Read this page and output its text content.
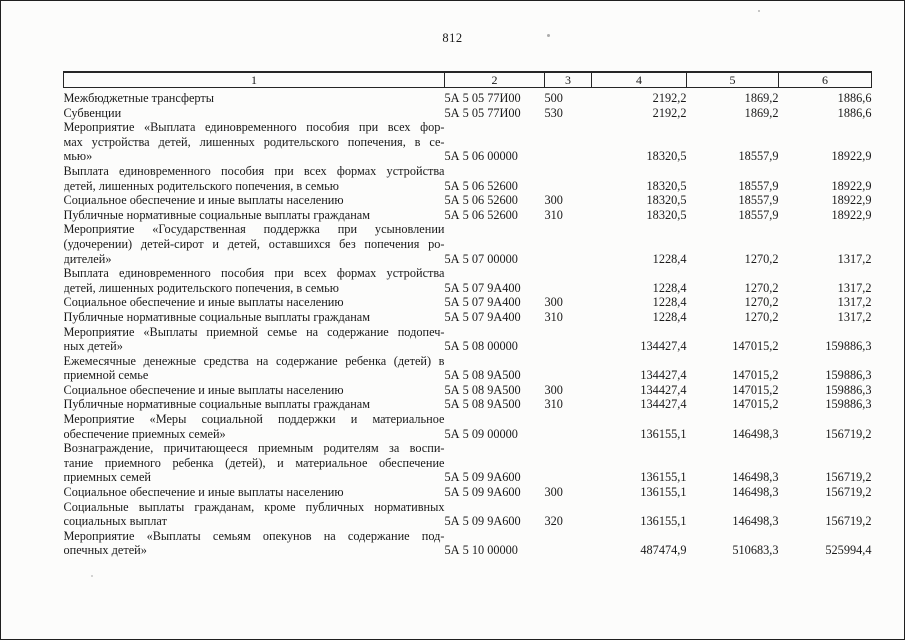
812
1	2	3	4	5	6

Межбюджетные трансферты	5А 5 05 77И00	500	2192,2	1869,2	1886,6

Субвенции	5А 5 05 77И00	530	2192,2	1869,2	1886,6

Мероприятие «Выплата единовременного пособия при всех фор-
мах устройства детей, лишенных родительского попечения, в се-
мью»	5А 5 06 00000		18320,5	18557,9	18922,9

Выплата единовременного пособия при всех формах устройства
детей, лишенных родительского попечения, в семью	5А 5 06 52600		18320,5	18557,9	18922,9

Социальное обеспечение и иные выплаты населению	5А 5 06 52600	300	18320,5	18557,9	18922,9

Публичные нормативные социальные выплаты гражданам	5А 5 06 52600	310	18320,5	18557,9	18922,9

Мероприятие «Государственная поддержка при усыновлении
(удочерении) детей-сирот и детей, оставшихся без попечения ро-
дителей»	5А 5 07 00000		1228,4	1270,2	1317,2

Выплата единовременного пособия при всех формах устройства
детей, лишенных родительского попечения, в семью	5А 5 07 9А400		1228,4	1270,2	1317,2

Социальное обеспечение и иные выплаты населению	5А 5 07 9А400	300	1228,4	1270,2	1317,2

Публичные нормативные социальные выплаты гражданам	5А 5 07 9А400	310	1228,4	1270,2	1317,2

Мероприятие «Выплаты приемной семье на содержание подопеч-
ных детей»	5А 5 08 00000		134427,4	147015,2	159886,3

Ежемесячные денежные средства на содержание ребенка (детей) в
приемной семье	5А 5 08 9А500		134427,4	147015,2	159886,3

Социальное обеспечение и иные выплаты населению	5А 5 08 9А500	300	134427,4	147015,2	159886,3

Публичные нормативные социальные выплаты гражданам	5А 5 08 9А500	310	134427,4	147015,2	159886,3

Мероприятие «Меры социальной поддержки и материальное
обеспечение приемных семей»	5А 5 09 00000		136155,1	146498,3	156719,2

Вознаграждение, причитающееся приемным родителям за воспи-
тание приемного ребенка (детей), и материальное обеспечение
приемных семей	5А 5 09 9А600		136155,1	146498,3	156719,2

Социальное обеспечение и иные выплаты населению	5А 5 09 9А600	300	136155,1	146498,3	156719,2

Социальные выплаты гражданам, кроме публичных нормативных
социальных выплат	5А 5 09 9А600	320	136155,1	146498,3	156719,2

Мероприятие «Выплаты семьям опекунов на содержание под-
опечных детей»	5А 5 10 00000		487474,9	510683,3	525994,4
